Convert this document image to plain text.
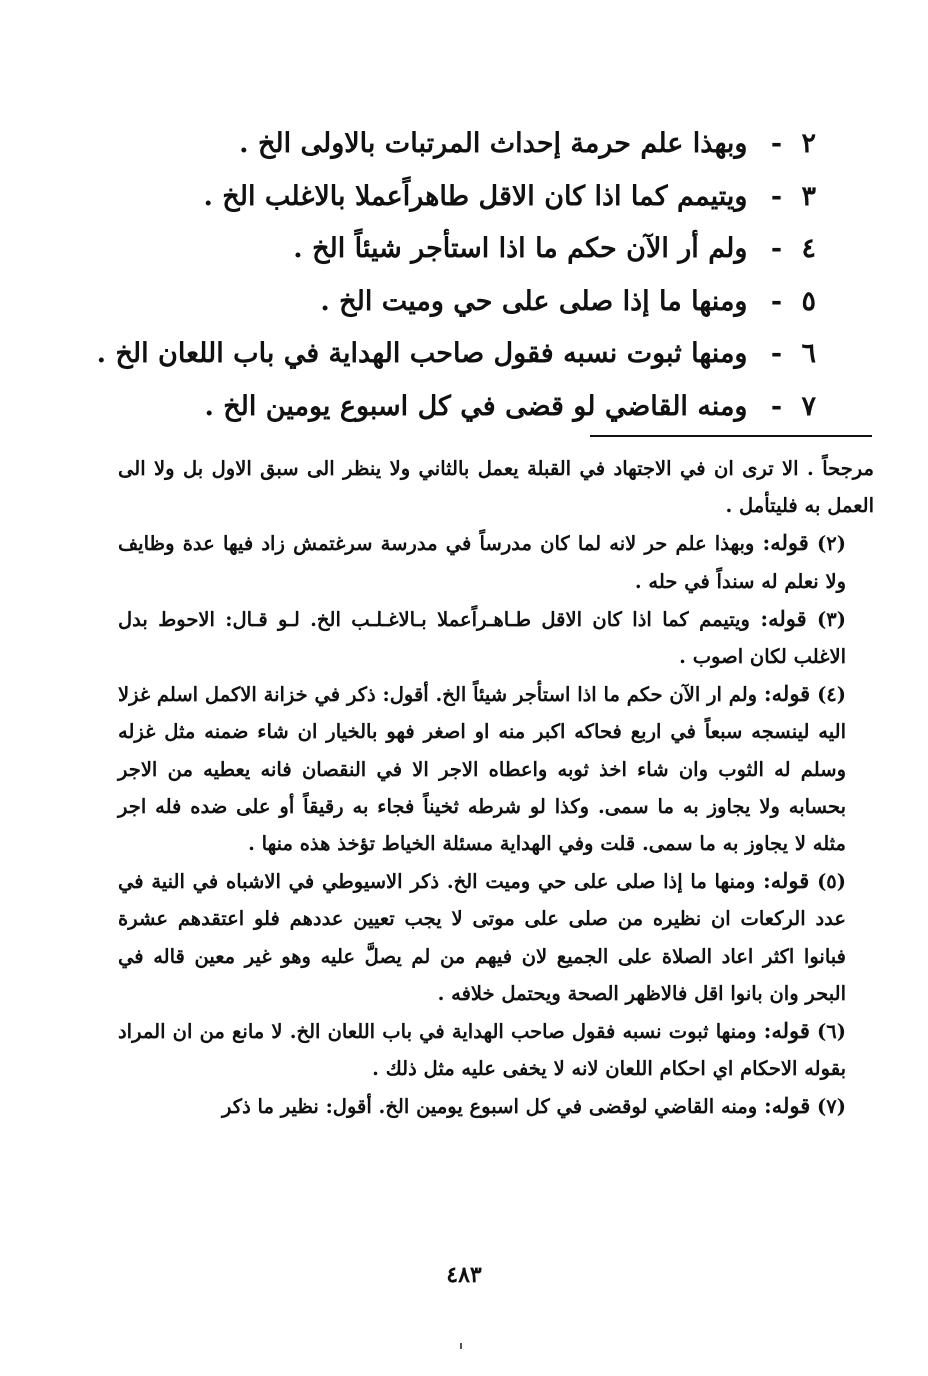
٢ - وبهذا علم حرمة إحداث المرتبات بالاولى الخ .
٣ - ويتيمم كما اذا كان الاقل طاهراًعملا بالاغلب الخ .
٤ - ولم أر الآن حكم ما اذا استأجر شيئاً الخ .
٥ - ومنها ما إذا صلى على حي وميت الخ .
٦ - ومنها ثبوت نسبه فقول صاحب الهداية في باب اللعان الخ .
٧ - ومنه القاضي لو قضى في كل اسبوع يومين الخ .

مرجحاً . الا ترى ان في الاجتهاد في القبلة يعمل بالثاني ولا ينظر الى سبق الاول بل ولا الى العمل به فليتأمل .

(٢) قوله: وبهذا علم حر لانه لما كان مدرساً في مدرسة سرغتمش زاد فيها عدة وظايف ولا نعلم له سنداً في حله .

(٣) قوله: ويتيمم كما اذا كان الاقل طـاهـراًعملا بـالاغـلـب الخ. لـو قـال: الاحوط بدل الاغلب لكان اصوب .

(٤) قوله: ولم ار الآن حكم ما اذا استأجر شيئاً الخ. أقول: ذكر في خزانة الاكمل اسلم غزلا اليه لينسجه سبعاً في اربع فحاكه اكبر منه او اصغر فهو بالخيار ان شاء ضمنه مثل غزله وسلم له الثوب وان شاء اخذ ثوبه واعطاه الاجر الا في النقصان فانه يعطيه من الاجر بحسابه ولا يجاوز به ما سمى. وكذا لو شرطه ثخيناً فجاء به رقيقاً أو على ضده فله اجر مثله لا يجاوز به ما سمى. قلت وفي الهداية مسئلة الخياط تؤخذ هذه منها .

(٥) قوله: ومنها ما إذا صلى على حي وميت الخ. ذكر الاسيوطي في الاشباه في النية في عدد الركعات ان نظيره من صلى على موتى لا يجب تعيين عددهم فلو اعتقدهم عشرة فبانوا اكثر اعاد الصلاة على الجميع لان فيهم من لم يصلَّ عليه وهو غير معين قاله في البحر وان بانوا اقل فالاظهر الصحة ويحتمل خلافه .

(٦) قوله: ومنها ثبوت نسبه فقول صاحب الهداية في باب اللعان الخ. لا مانع من ان المراد بقوله الاحكام اي احكام اللعان لانه لا يخفى عليه مثل ذلك .

(٧) قوله: ومنه القاضي لوقضى في كل اسبوع يومين الخ. أقول: نظير ما ذكر

٤٨٣
